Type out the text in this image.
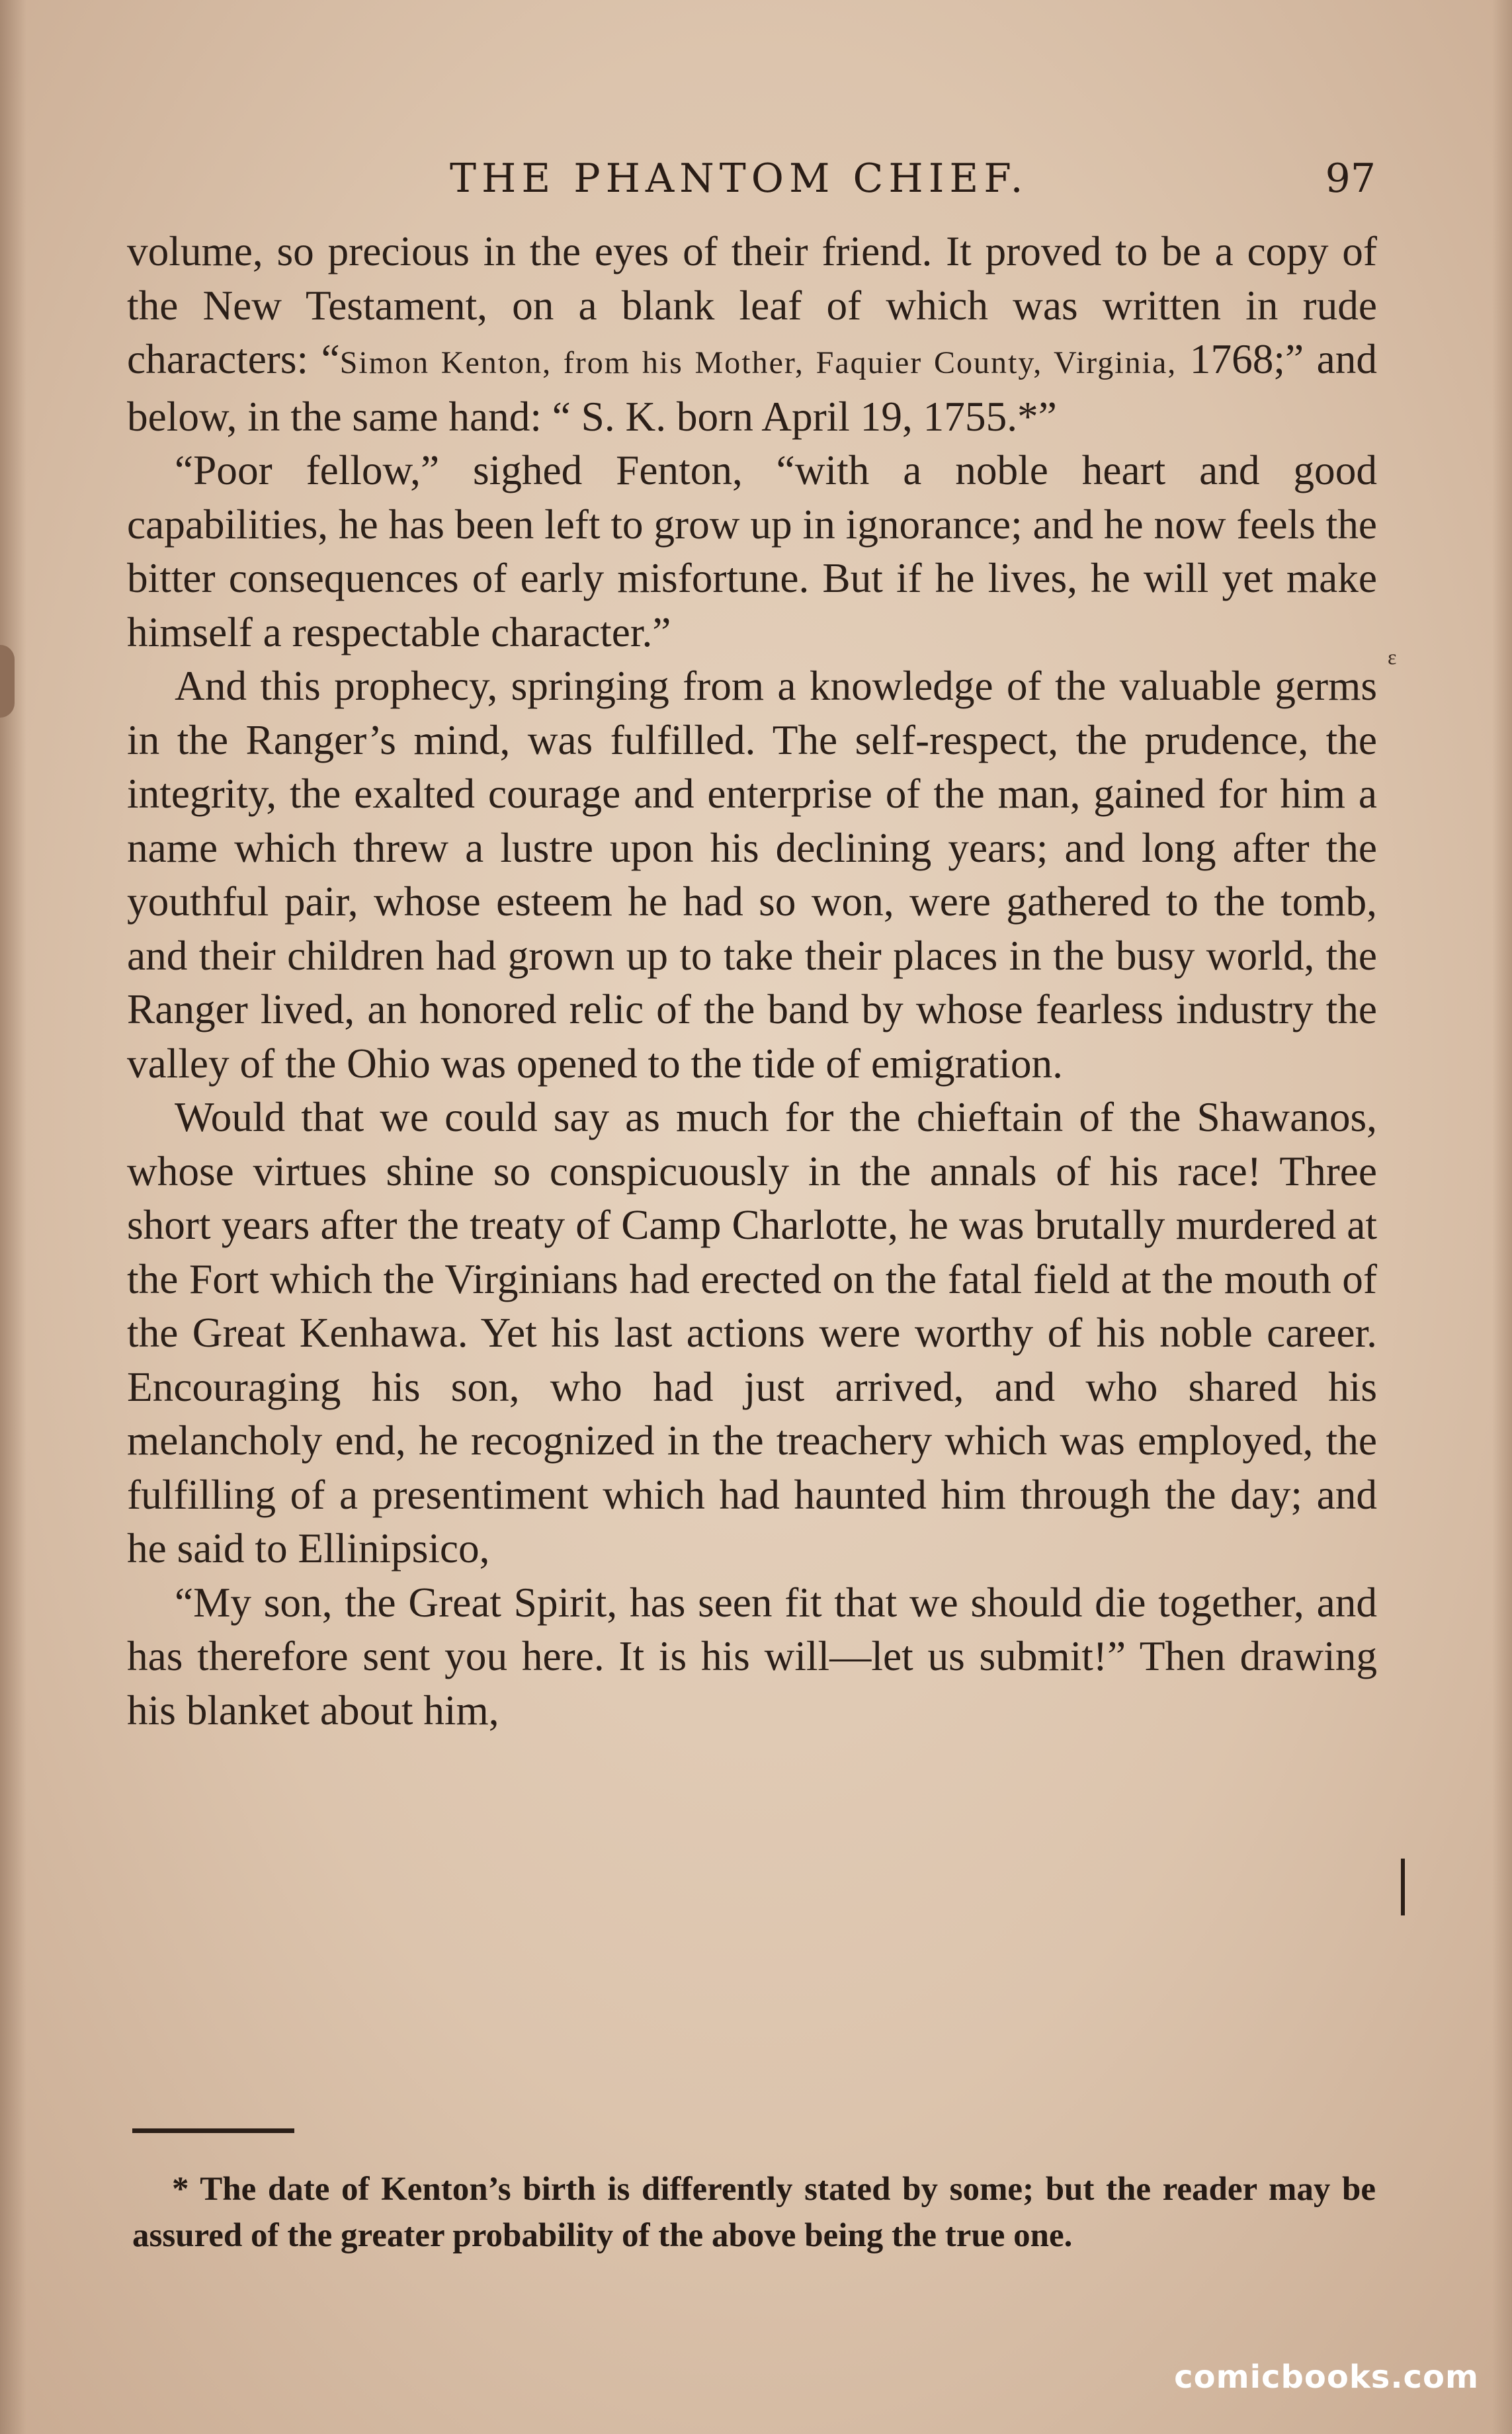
THE PHANTOM CHIEF.	97

volume, so precious in the eyes of their friend. It proved to be a copy of the New Testament, on a blank leaf of which was written in rude characters: “Simon Kenton, from his Mother, Faquier County, Virginia, 1768;” and below, in the same hand: “ S. K. born April 19, 1755.*”

“Poor fellow,” sighed Fenton, “with a noble heart and good capabilities, he has been left to grow up in ignorance; and he now feels the bitter consequences of early misfortune. But if he lives, he will yet make himself a respectable character.”

And this prophecy, springing from a knowledge of the valuable germs in the Ranger’s mind, was fulfilled. The self-respect, the prudence, the integrity, the exalted courage and enterprise of the man, gained for him a name which threw a lustre upon his declining years; and long after the youthful pair, whose esteem he had so won, were gathered to the tomb, and their children had grown up to take their places in the busy world, the Ranger lived, an honored relic of the band by whose fearless industry the valley of the Ohio was opened to the tide of emigration.

Would that we could say as much for the chieftain of the Shawanos, whose virtues shine so conspicuously in the annals of his race! Three short years after the treaty of Camp Charlotte, he was brutally murdered at the Fort which the Virginians had erected on the fatal field at the mouth of the Great Kenhawa. Yet his last actions were worthy of his noble career. Encouraging his son, who had just arrived, and who shared his melancholy end, he recognized in the treachery which was employed, the fulfilling of a presentiment which had haunted him through the day; and he said to Ellinipsico,

“My son, the Great Spirit, has seen fit that we should die together, and has therefore sent you here. It is his will—let us submit!” Then drawing his blanket about him,

ε

* The date of Kenton’s birth is differently stated by some; but the reader may be assured of the greater probability of the above being the true one.

comicbooks.com
